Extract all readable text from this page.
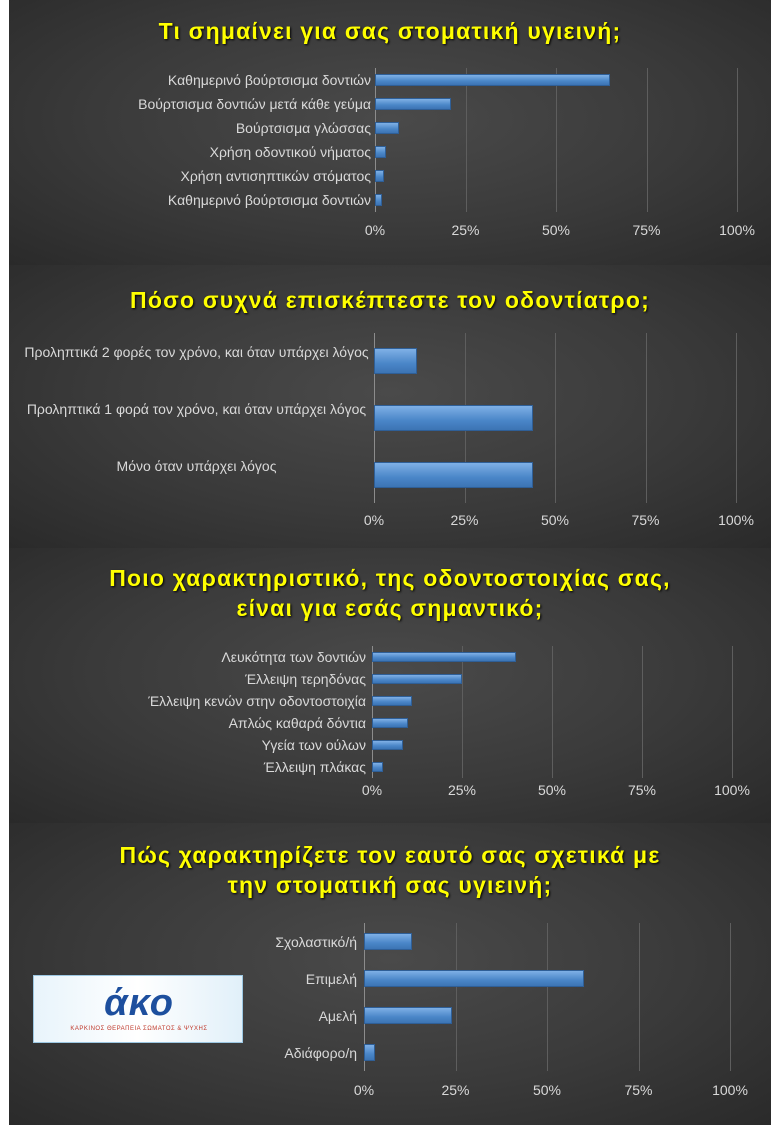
Τι σημαίνει για σας στοματική υγιεινή;
0%	25%	50%	75%	100%
Καθημερινό βούρτσισμα δοντιών
Βούρτσισμα δοντιών μετά κάθε γεύμα
Βούρτσισμα γλώσσας
Χρήση οδοντικού νήματος
Χρήση αντισηπτικών στόματος
Καθημερινό βούρτσισμα δοντιών
Πόσο συχνά επισκέπτεστε τον οδοντίατρο;
0%	25%	50%	75%	100%
Προληπτικά 2 φορές τον χρόνο, και όταν υπάρχει λόγος
Προληπτικά 1 φορά τον χρόνο, και όταν υπάρχει λόγος
Μόνο όταν υπάρχει λόγος
Ποιο χαρακτηριστικό, της οδοντοστοιχίας σας,
είναι για εσάς σημαντικό;
0%	25%	50%	75%	100%
Λευκότητα των δοντιών
Έλλειψη τερηδόνας
Έλλειψη κενών στην οδοντοστοιχία
Απλώς καθαρά δόντια
Υγεία των ούλων
Έλλειψη πλάκας
Πώς χαρακτηρίζετε τον εαυτό σας σχετικά με
την στοματική σας υγιεινή;
0%	25%	50%	75%	100%
Σχολαστικό/ή
Επιμελή
Αμελή
Αδιάφορο/η
άκο
ΚΑΡΚΙΝΟΣ ΘΕΡΑΠΕΙΑ ΣΩΜΑΤΟΣ & ΨΥΧΗΣ
